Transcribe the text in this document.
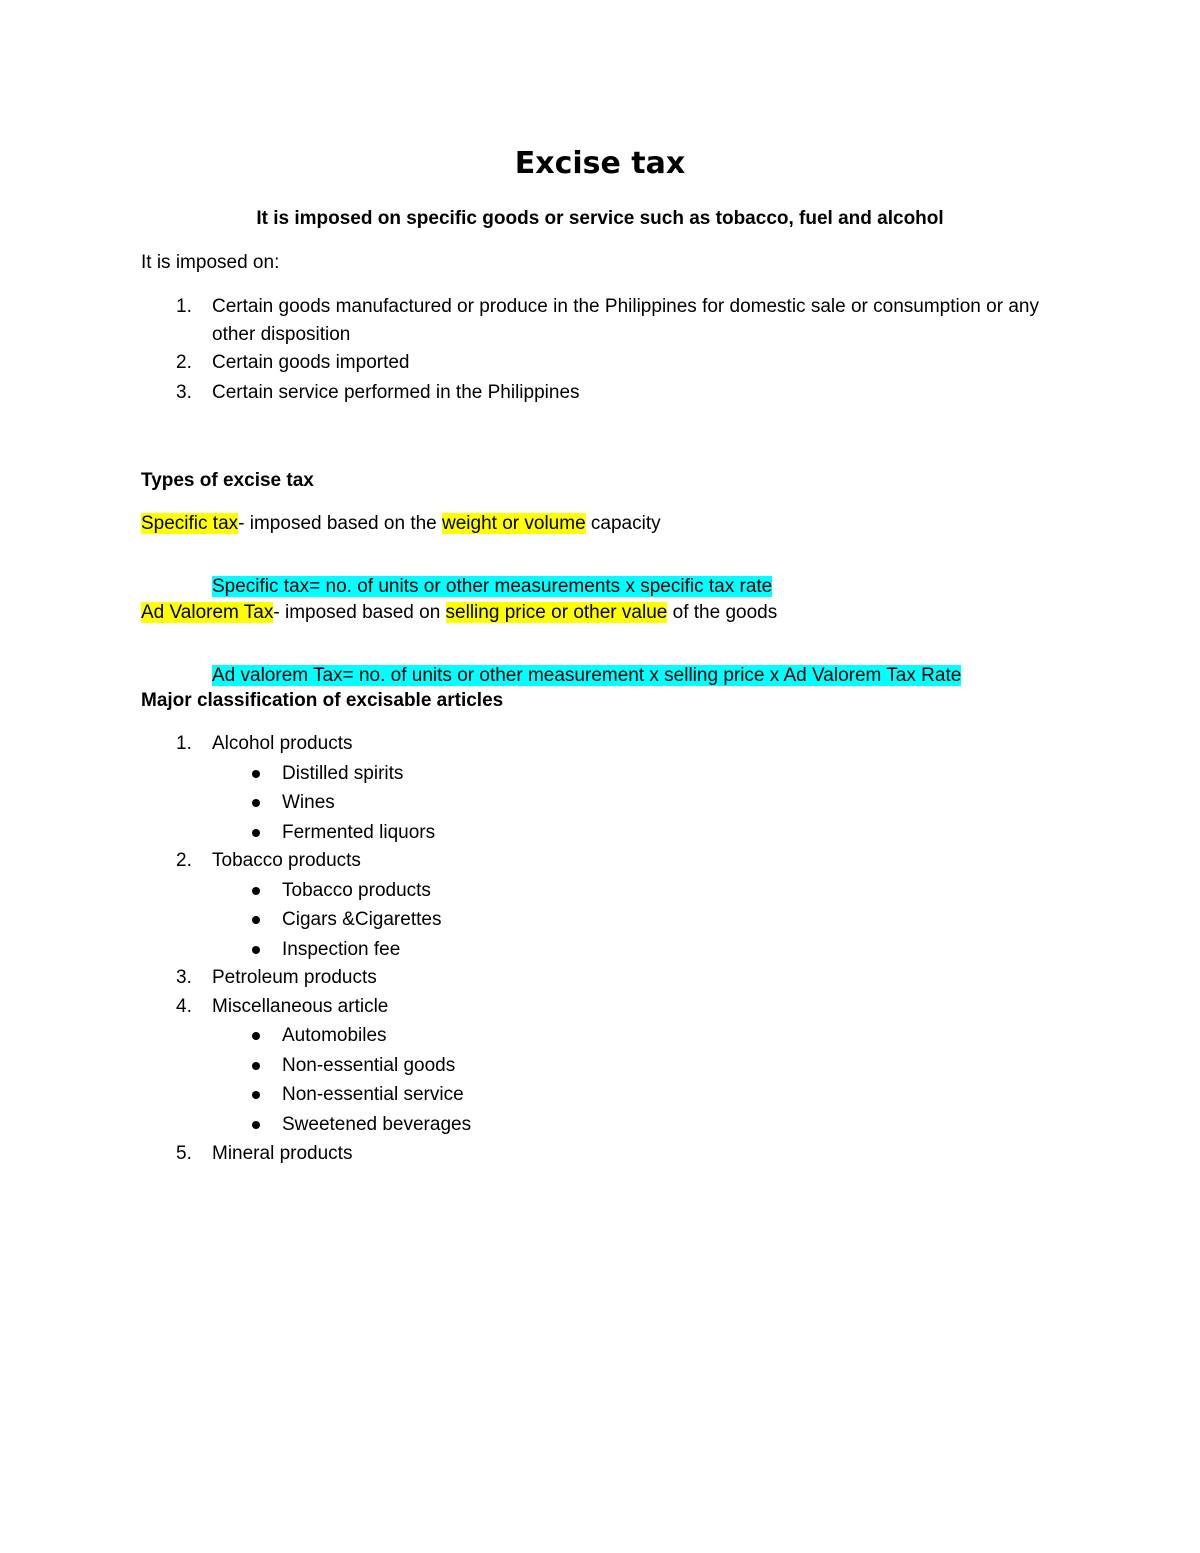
Excise tax

It is imposed on specific goods or service such as tobacco, fuel and alcohol

It is imposed on:

1. Certain goods manufactured or produce in the Philippines for domestic sale or consumption or any other disposition
2. Certain goods imported
3. Certain service performed in the Philippines

Types of excise tax

Specific tax- imposed based on the weight or volume capacity

Specific tax= no. of units or other measurements x specific tax rate

Ad Valorem Tax- imposed based on selling price or other value of the goods

Ad valorem Tax= no. of units or other measurement x selling price x Ad Valorem Tax Rate

Major classification of excisable articles

1. Alcohol products
Distilled spirits
Wines
Fermented liquors
2. Tobacco products
Tobacco products
Cigars &Cigarettes
Inspection fee
3. Petroleum products
4. Miscellaneous article
Automobiles
Non-essential goods
Non-essential service
Sweetened beverages
5. Mineral products
